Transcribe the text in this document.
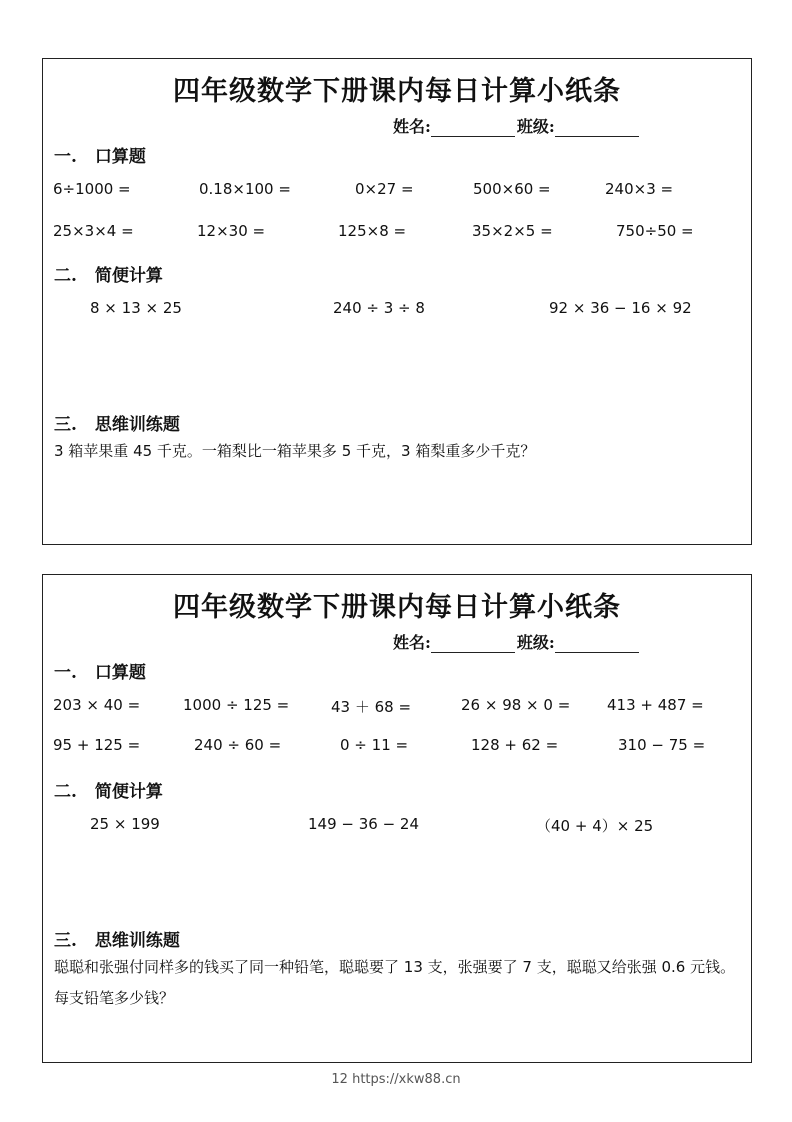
四年级数学下册课内每日计算小纸条
姓名:	班级:
一. 口算题
6÷1000 =	0.18×100 =	0×27 =	500×60 =	240×3 =
25×3×4 =	12×30 =	125×8 =	35×2×5 =	750÷50 =
二. 简便计算
8 × 13 × 25	240 ÷ 3 ÷ 8	92 × 36 − 16 × 92
三. 思维训练题
3 箱苹果重 45 千克。一箱梨比一箱苹果多 5 千克，3 箱梨重多少千克？
四年级数学下册课内每日计算小纸条
姓名:	班级:
一. 口算题
203 × 40 =	1000 ÷ 125 =	43 ＋ 68 =	26 × 98 × 0 = 413 + 487 =
95 + 125 =	240 ÷ 60 =	0 ÷ 11 =	128 + 62 =	310 − 75 =
二. 简便计算
25 × 199	149 − 36 − 24	（40 + 4）× 25
三. 思维训练题
聪聪和张强付同样多的钱买了同一种铅笔，聪聪要了 13 支，张强要了 7 支，聪聪又给张强 0.6 元钱。每支铅笔多少钱？
12 https://xkw88.cn
